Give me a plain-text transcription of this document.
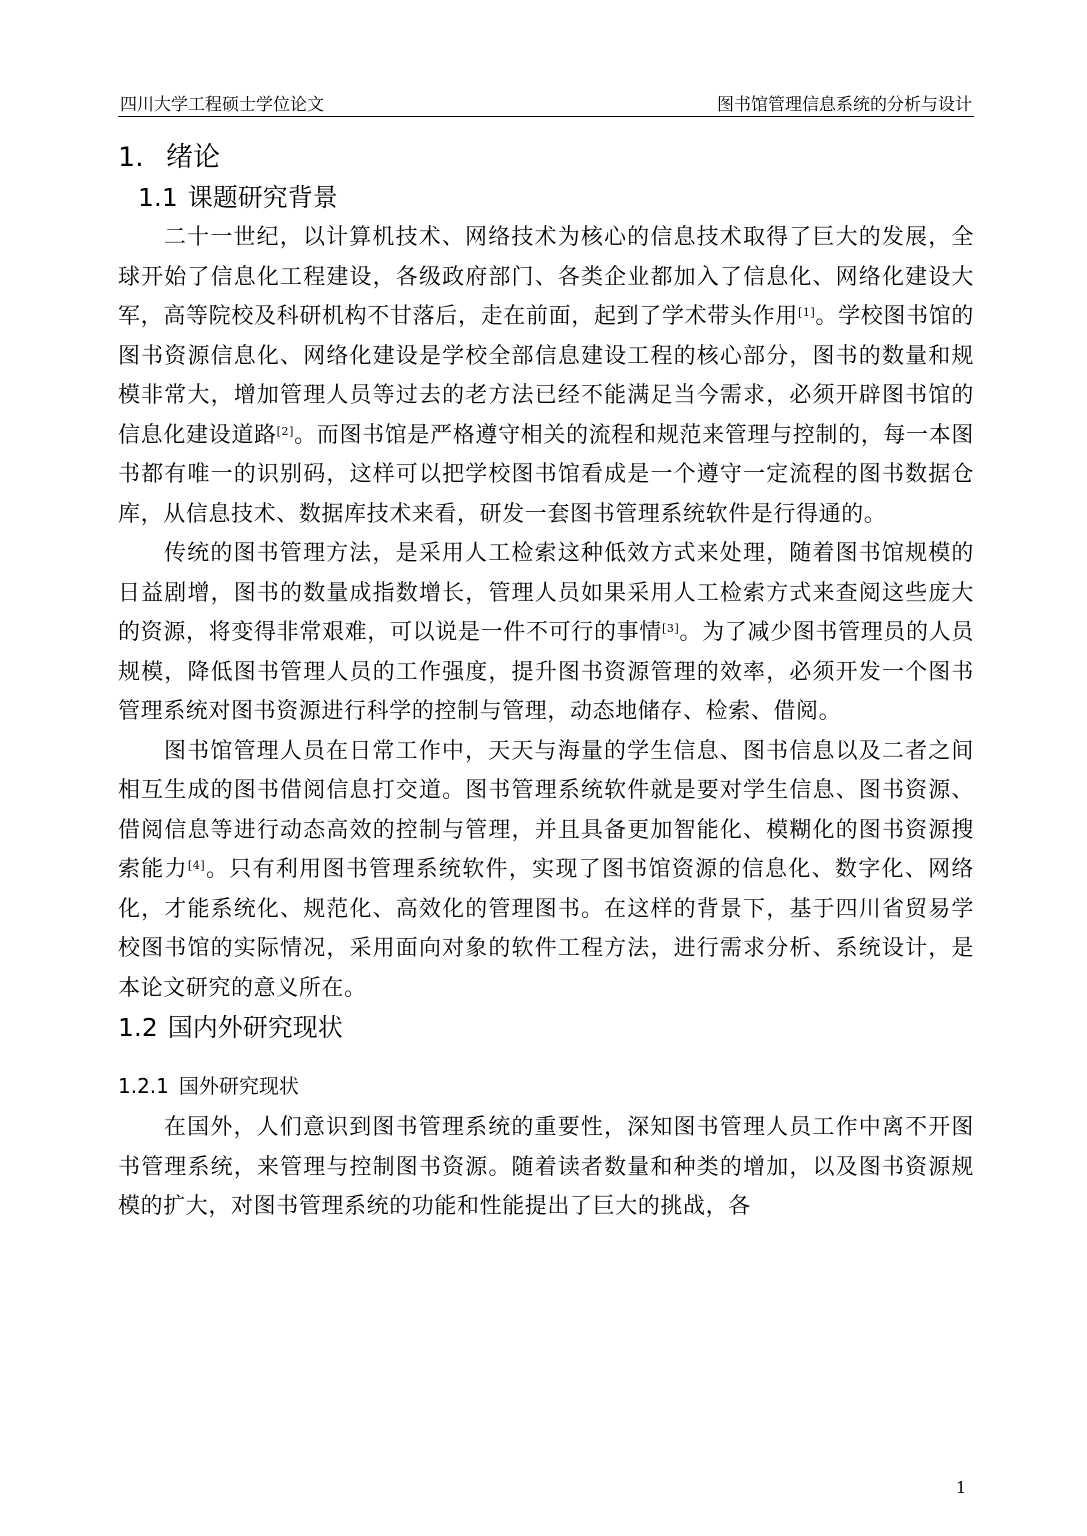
四川大学工程硕士学位论文	图书馆管理信息系统的分析与设计
1. 绪论
1.1 课题研究背景

二十一世纪，以计算机技术、网络技术为核心的信息技术取得了巨大的发展，全球开始了信息化工程建设，各级政府部门、各类企业都加入了信息化、网络化建设大军，高等院校及科研机构不甘落后，走在前面，起到了学术带头作用[1]。学校图书馆的图书资源信息化、网络化建设是学校全部信息建设工程的核心部分，图书的数量和规模非常大，增加管理人员等过去的老方法已经不能满足当今需求，必须开辟图书馆的信息化建设道路[2]。而图书馆是严格遵守相关的流程和规范来管理与控制的，每一本图书都有唯一的识别码，这样可以把学校图书馆看成是一个遵守一定流程的图书数据仓库，从信息技术、数据库技术来看，研发一套图书管理系统软件是行得通的。

传统的图书管理方法，是采用人工检索这种低效方式来处理，随着图书馆规模的日益剧增，图书的数量成指数增长，管理人员如果采用人工检索方式来查阅这些庞大的资源，将变得非常艰难，可以说是一件不可行的事情[3]。为了减少图书管理员的人员规模，降低图书管理人员的工作强度，提升图书资源管理的效率，必须开发一个图书管理系统对图书资源进行科学的控制与管理，动态地储存、检索、借阅。

图书馆管理人员在日常工作中，天天与海量的学生信息、图书信息以及二者之间相互生成的图书借阅信息打交道。图书管理系统软件就是要对学生信息、图书资源、借阅信息等进行动态高效的控制与管理，并且具备更加智能化、模糊化的图书资源搜索能力[4]。只有利用图书管理系统软件，实现了图书馆资源的信息化、数字化、网络化，才能系统化、规范化、高效化的管理图书。在这样的背景下，基于四川省贸易学校图书馆的实际情况，采用面向对象的软件工程方法，进行需求分析、系统设计，是本论文研究的意义所在。

1.2 国内外研究现状
1.2.1 国外研究现状

在国外，人们意识到图书管理系统的重要性，深知图书管理人员工作中离不开图书管理系统，来管理与控制图书资源。随着读者数量和种类的增加，以及图书资源规模的扩大，对图书管理系统的功能和性能提出了巨大的挑战，各

1
